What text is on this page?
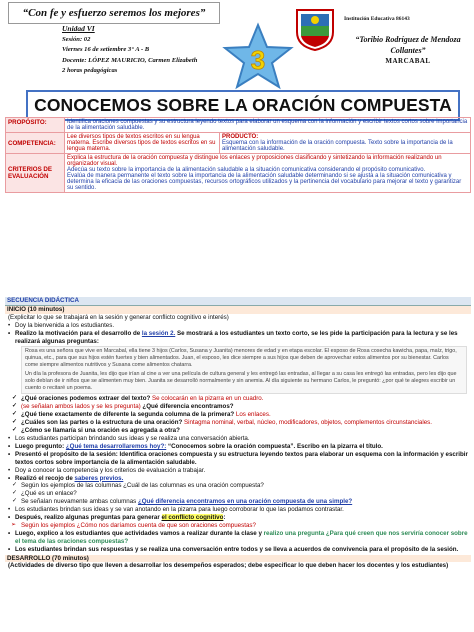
“Con fe y esfuerzo seremos los mejores”
Unidad VI
Sesión: 02
Viernes 16 de setiembre 3° A - B
Docente: LÓPEZ MAURICIO, Carmen Elizabeth
2 horas pedagógicas	3
Institución Educativa 86143
“Toribio Rodríguez de Mendoza Collantes”
MARCABAL
CONOCEMOS SOBRE LA ORACIÓN COMPUESTA
PROPÓSITO:	Identifica oraciones compuestas y su estructura leyendo textos para elaborar un esquema con la información y escribir textos cortos sobre importancia de la alimentación saludable.	
COMPETENCIA:	Lee diversos tipos de textos escritos en su lengua materna. Escribe diversos tipos de textos escritos en su lengua materna.	PRODUCTO:
Esquema con la información de la oración compuesta. Texto sobre la importancia de la alimentación saludable.

CRITERIOS DE EVALUACIÓN	Explica la estructura de la oración compuesta y distingue los enlaces y proposiciones clasificando y sintetizando la información realizando un organizador visual.
Adecúa su texto sobre la importancia de la alimentación saludable a la situación comunicativa considerando el propósito comunicativo.
Evalúa de manera permanente el texto sobre la importancia de la alimentación saludable determinando si se ajusta a la situación comunicativa y determina la eficacia de las oraciones compuestas, recursos ortográficos utilizados y la pertinencia del vocabulario para mejorar el texto y garantizar su sentido.	
SECUENCIA DIDÁCTICA
INICIO (10 minutos)
(Explicitar lo que se trabajará en la sesión y generar conflicto cognitivo e interés)
• Doy la bienvenida a los estudiantes.
• Realizo la motivación para el desarrollo de la sesión 2. Se mostrará a los estudiantes un texto corto, se les pide la participación para la lectura y se les realizará algunas preguntas:
Rosa es una señora que vive en Marcabal, ella tiene 3 hijos (Carlos, Susana y Juanita) menores de edad y en etapa escolar. El esposo de Rosa cosecha kawicha, papa, maíz, trigo, quinua, etc., para que sus hijos estén fuertes y bien alimentados. Juan, el esposo, les dice siempre a sus hijos que deben de aprovechar estos alimentos por su bienestar. Carlos come siempre alimentos nutritivos y Susana come alimentos chatarra.
Un día la profesora de Juanita, les dijo que irían al cine a ver una película de cultura general y les entregó las entradas, al llegar a su casa les entregó las entradas, pero les dijo que solo debían de ir niños que se alimenten muy bien. Juanita se desarrolló normalmente y sin anemia. Al día siguiente su hermano Carlos, le preguntó: ¿por qué te alegres escribir un cuento o recitaré un poema.
✓ ¿Qué oraciones podemos extraer del texto? Se colocarán en la pizarra en un cuadro.
✓ (se señalan ambos lados y se les pregunta) ¿Qué diferencia encontramos?
✓ ¿Qué tiene exactamente de diferente la segunda columna de la primera? Los enlaces.
✓ ¿Cuáles son las partes o la estructura de una oración? Sintagma nominal, verbal, núcleo, modificadores, objetos, complementos circunstanciales.
✓ ¿Cómo se llamaría si una oración es agregada a otra?
• Los estudiantes participan brindando sus ideas y se realiza una conversación abierta.
• Luego pregunto: ¿Qué tema desarrollaremos hoy?: “Conocemos sobre la oración compuesta”. Escribo en la pizarra el título.
• Presentó el propósito de la sesión: Identifica oraciones compuesta y su estructura leyendo textos para elaborar un esquema con la información y escribir textos cortos sobre importancia de la alimentación saludable.
• Doy a conocer la competencia y los criterios de evaluación a trabajar.
• Realizó el recojo de saberes previos.
✓ Según los ejemplos de las columnas ¿Cuál de las columnas es una oración compuesta?
✓ ¿Qué es un enlace?
✓ Se señalan nuevamente ambas columnas ¿Qué diferencia encontramos en una oración compuesta de una simple?
• Los estudiantes brindan sus ideas y se van anotando en la pizarra para luego corroborar lo que las podamos contrastar.
• Después, realizo algunas preguntas para generar el conflicto cognitivo:
➢ Según los ejemplos ¿Cómo nos daríamos cuenta de que son oraciones compuestas?
• Luego, explico a los estudiantes que actividades vamos a realizar durante la clase y realizo una pregunta ¿Para qué creen que nos serviría conocer sobre el tema de las oraciones compuestas?
• Los estudiantes brindan sus respuestas y se realiza una conversación entre todos y se lleva a acuerdos de convivencia para el propósito de la sesión.
DESARROLLO (70 minutos)
(Actividades de diverso tipo que lleven a desarrollar los desempeños esperados; debe especificar lo que deben hacer los docentes y los estudiantes)
